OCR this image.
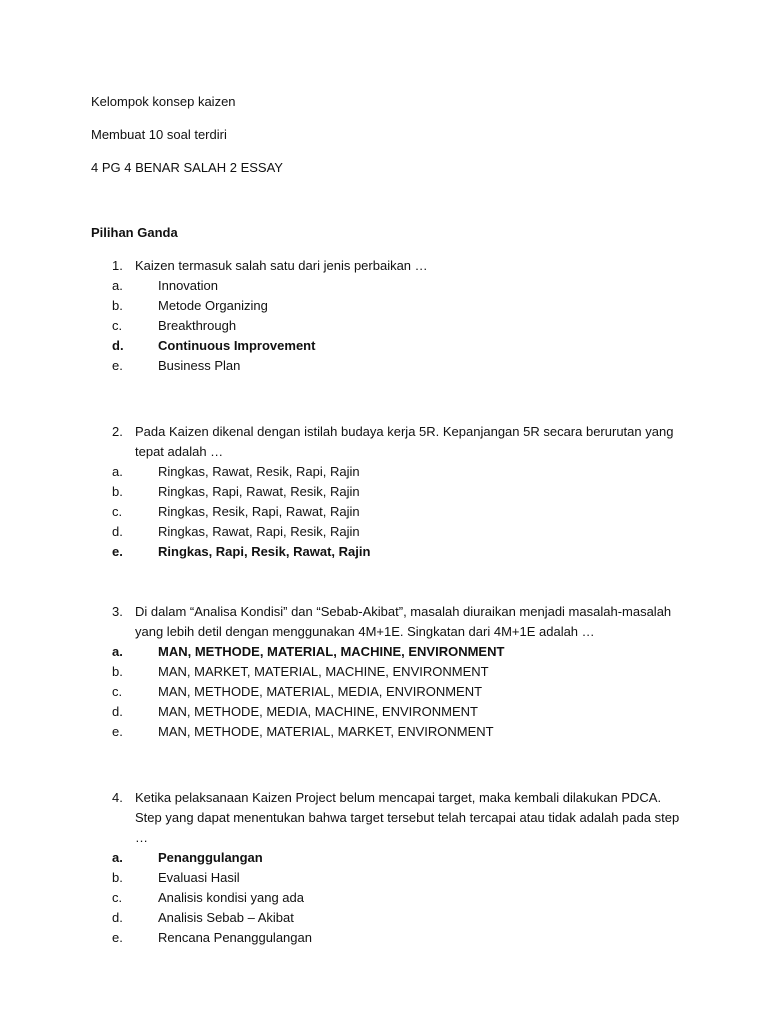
Kelompok konsep kaizen
Membuat 10 soal terdiri
4 PG 4 BENAR SALAH 2 ESSAY
Pilihan Ganda
1. Kaizen termasuk salah satu dari jenis perbaikan …
a.	Innovation
b.	Metode Organizing
c.	Breakthrough
d.	Continuous Improvement
e.	Business Plan
2. Pada Kaizen dikenal dengan istilah budaya kerja 5R. Kepanjangan 5R secara berurutan yang tepat adalah …
a.	Ringkas, Rawat, Resik, Rapi, Rajin
b.	Ringkas, Rapi, Rawat, Resik, Rajin
c.	Ringkas, Resik, Rapi, Rawat, Rajin
d.	Ringkas, Rawat, Rapi, Resik, Rajin
e.	Ringkas, Rapi, Resik, Rawat, Rajin
3. Di dalam “Analisa Kondisi” dan “Sebab-Akibat”, masalah diuraikan menjadi masalah-masalah yang lebih detil dengan menggunakan 4M+1E. Singkatan dari 4M+1E adalah …
a.	MAN, METHODE, MATERIAL, MACHINE, ENVIRONMENT
b.	MAN, MARKET, MATERIAL, MACHINE, ENVIRONMENT
c.	MAN, METHODE, MATERIAL, MEDIA, ENVIRONMENT
d.	MAN, METHODE, MEDIA, MACHINE, ENVIRONMENT
e.	MAN, METHODE, MATERIAL, MARKET, ENVIRONMENT
4. Ketika pelaksanaan Kaizen Project belum mencapai target, maka kembali dilakukan PDCA. Step yang dapat menentukan bahwa target tersebut telah tercapai atau tidak adalah pada step …
a.	Penanggulangan
b.	Evaluasi Hasil
c.	Analisis kondisi yang ada
d.	Analisis Sebab – Akibat
e.	Rencana Penanggulangan
